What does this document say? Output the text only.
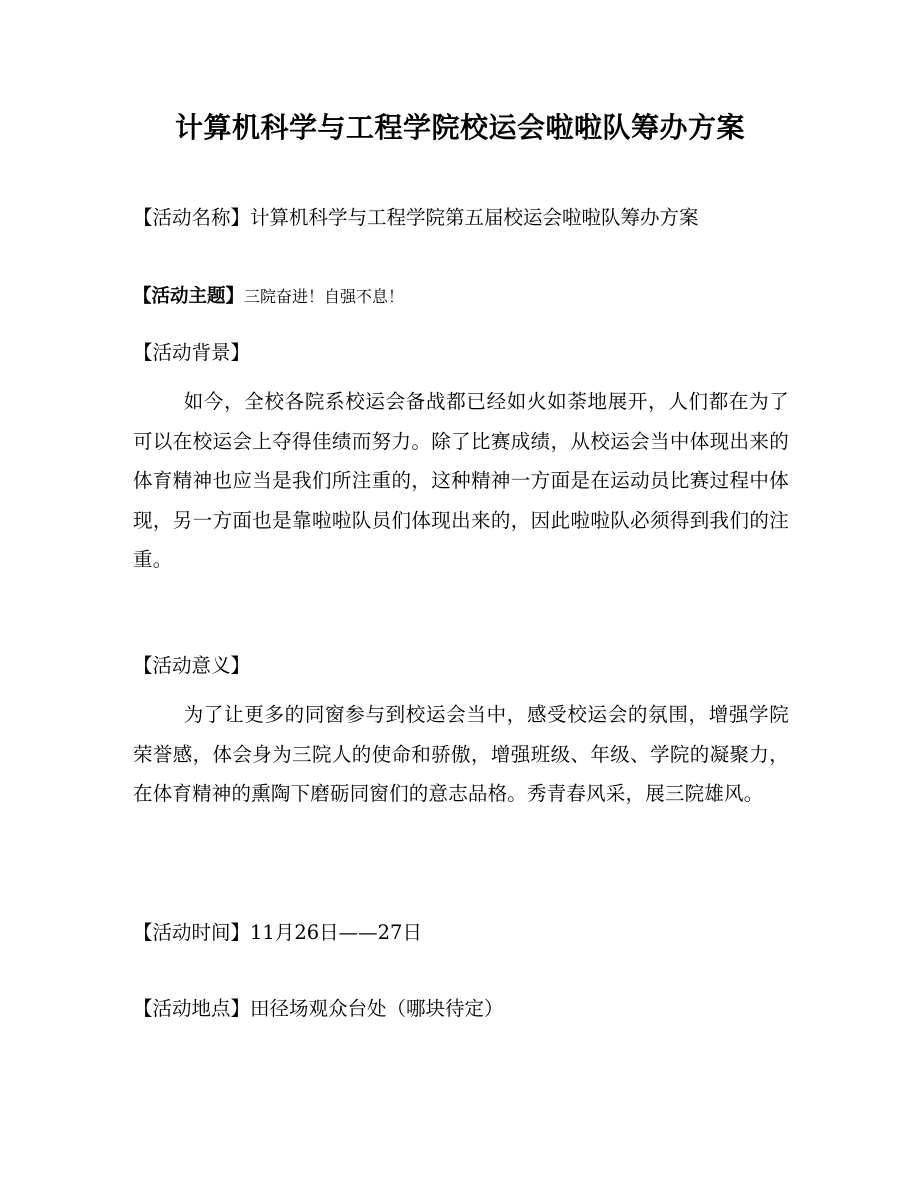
计算机科学与工程学院校运会啦啦队筹办方案
【活动名称】计算机科学与工程学院第五届校运会啦啦队筹办方案
【活动主题】三院奋进！自强不息！
【活动背景】
如今，全校各院系校运会备战都已经如火如荼地展开，人们都在为了可以在校运会上夺得佳绩而努力。除了比赛成绩，从校运会当中体现出来的体育精神也应当是我们所注重的，这种精神一方面是在运动员比赛过程中体现，另一方面也是靠啦啦队员们体现出来的，因此啦啦队必须得到我们的注重。
【活动意义】
为了让更多的同窗参与到校运会当中，感受校运会的氛围，增强学院荣誉感，体会身为三院人的使命和骄傲，增强班级、年级、学院的凝聚力，在体育精神的熏陶下磨砺同窗们的意志品格。秀青春风采，展三院雄风。
【活动时间】11月26日——27日
【活动地点】田径场观众台处（哪块待定）
